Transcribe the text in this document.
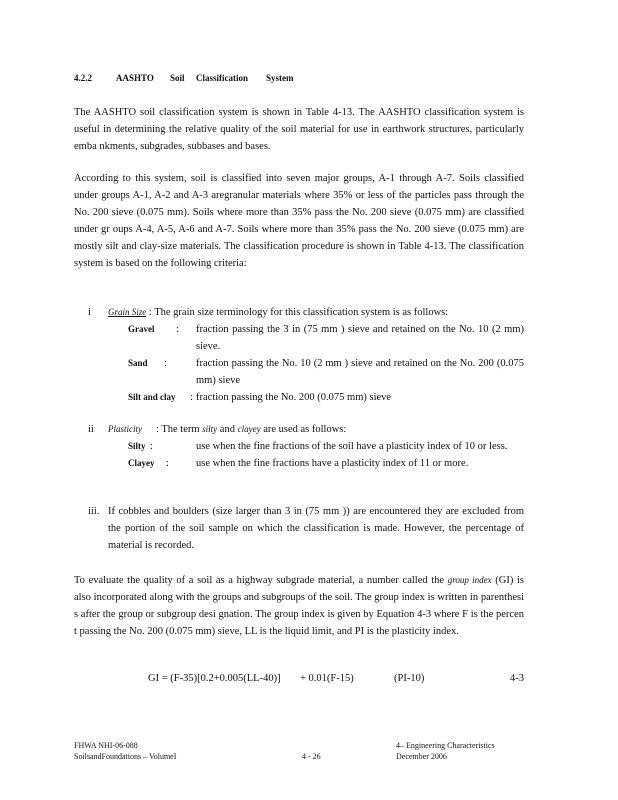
4.2.2	AASHTO Soil Classification System
The AASHTO soil classification system is shown in Table 4-13. The AASHTO classification system is useful in determining the relative quality of the soil material for use in earthwork structures, particularly emba nkments, subgrades, subbases and bases.
According to this system, soil is classified into seven major groups, A-1 through A-7. Soils classified under groups A-1, A-2 and A-3 aregranular materials where 35% or less of the particles pass through the No. 200 sieve (0.075 mm). Soils where more than 35% pass the No. 200 sieve (0.075 mm) are classified under gr oups A-4, A-5, A-6 and A-7. Soils where more than 35% pass the No. 200 sieve (0.075 mm) are mostly silt and clay-size materials. The classification procedure is shown in Table 4-13. The classification system is based on the following criteria:
i Grain Size : The grain size terminology for this classification system is as follows:
Gravel	: fraction passing the 3 in (75 mm ) sieve and retained on the No. 10 (2 mm) sieve.
Sand	:	fraction passing the No. 10 (2 mm ) sieve and retained on the No. 200 (0.075 mm) sieve
Silt and clay	: fraction passing the No. 200 (0.075 mm) sieve
ii Plasticity : The term silty and clayey are used as follows:
Silty :	use when the fine fractions of the soil have a plasticity index of 10 or less.
Clayey	:	use when the fine fractions have a plasticity index of 11 or more.
iii. If cobbles and boulders (size larger than 3 in (75 mm )) are encountered they are excluded from the portion of the soil sample on which the classification is made. However, the percentage of material is recorded.
To evaluate the quality of a soil as a highway subgrade material, a number called the group index (GI) is also incorporated along with the groups and subgroups of the soil. The group index is written in parenthesi s after the group or subgroup desi gnation. The group index is given by Equation 4-3 where F is the percen t passing the No. 200 (0.075 mm) sieve, LL is the liquid limit, and PI is the plasticity index.
GI = (F-35)[0.2+0.005(LL-40)] + 0.01(F-15)	(PI-10)	4-3
FHWA NHI-06-088
SoilsandFoundations – VolumeI	4 - 26
4– Engineering Characteristics
December 2006
